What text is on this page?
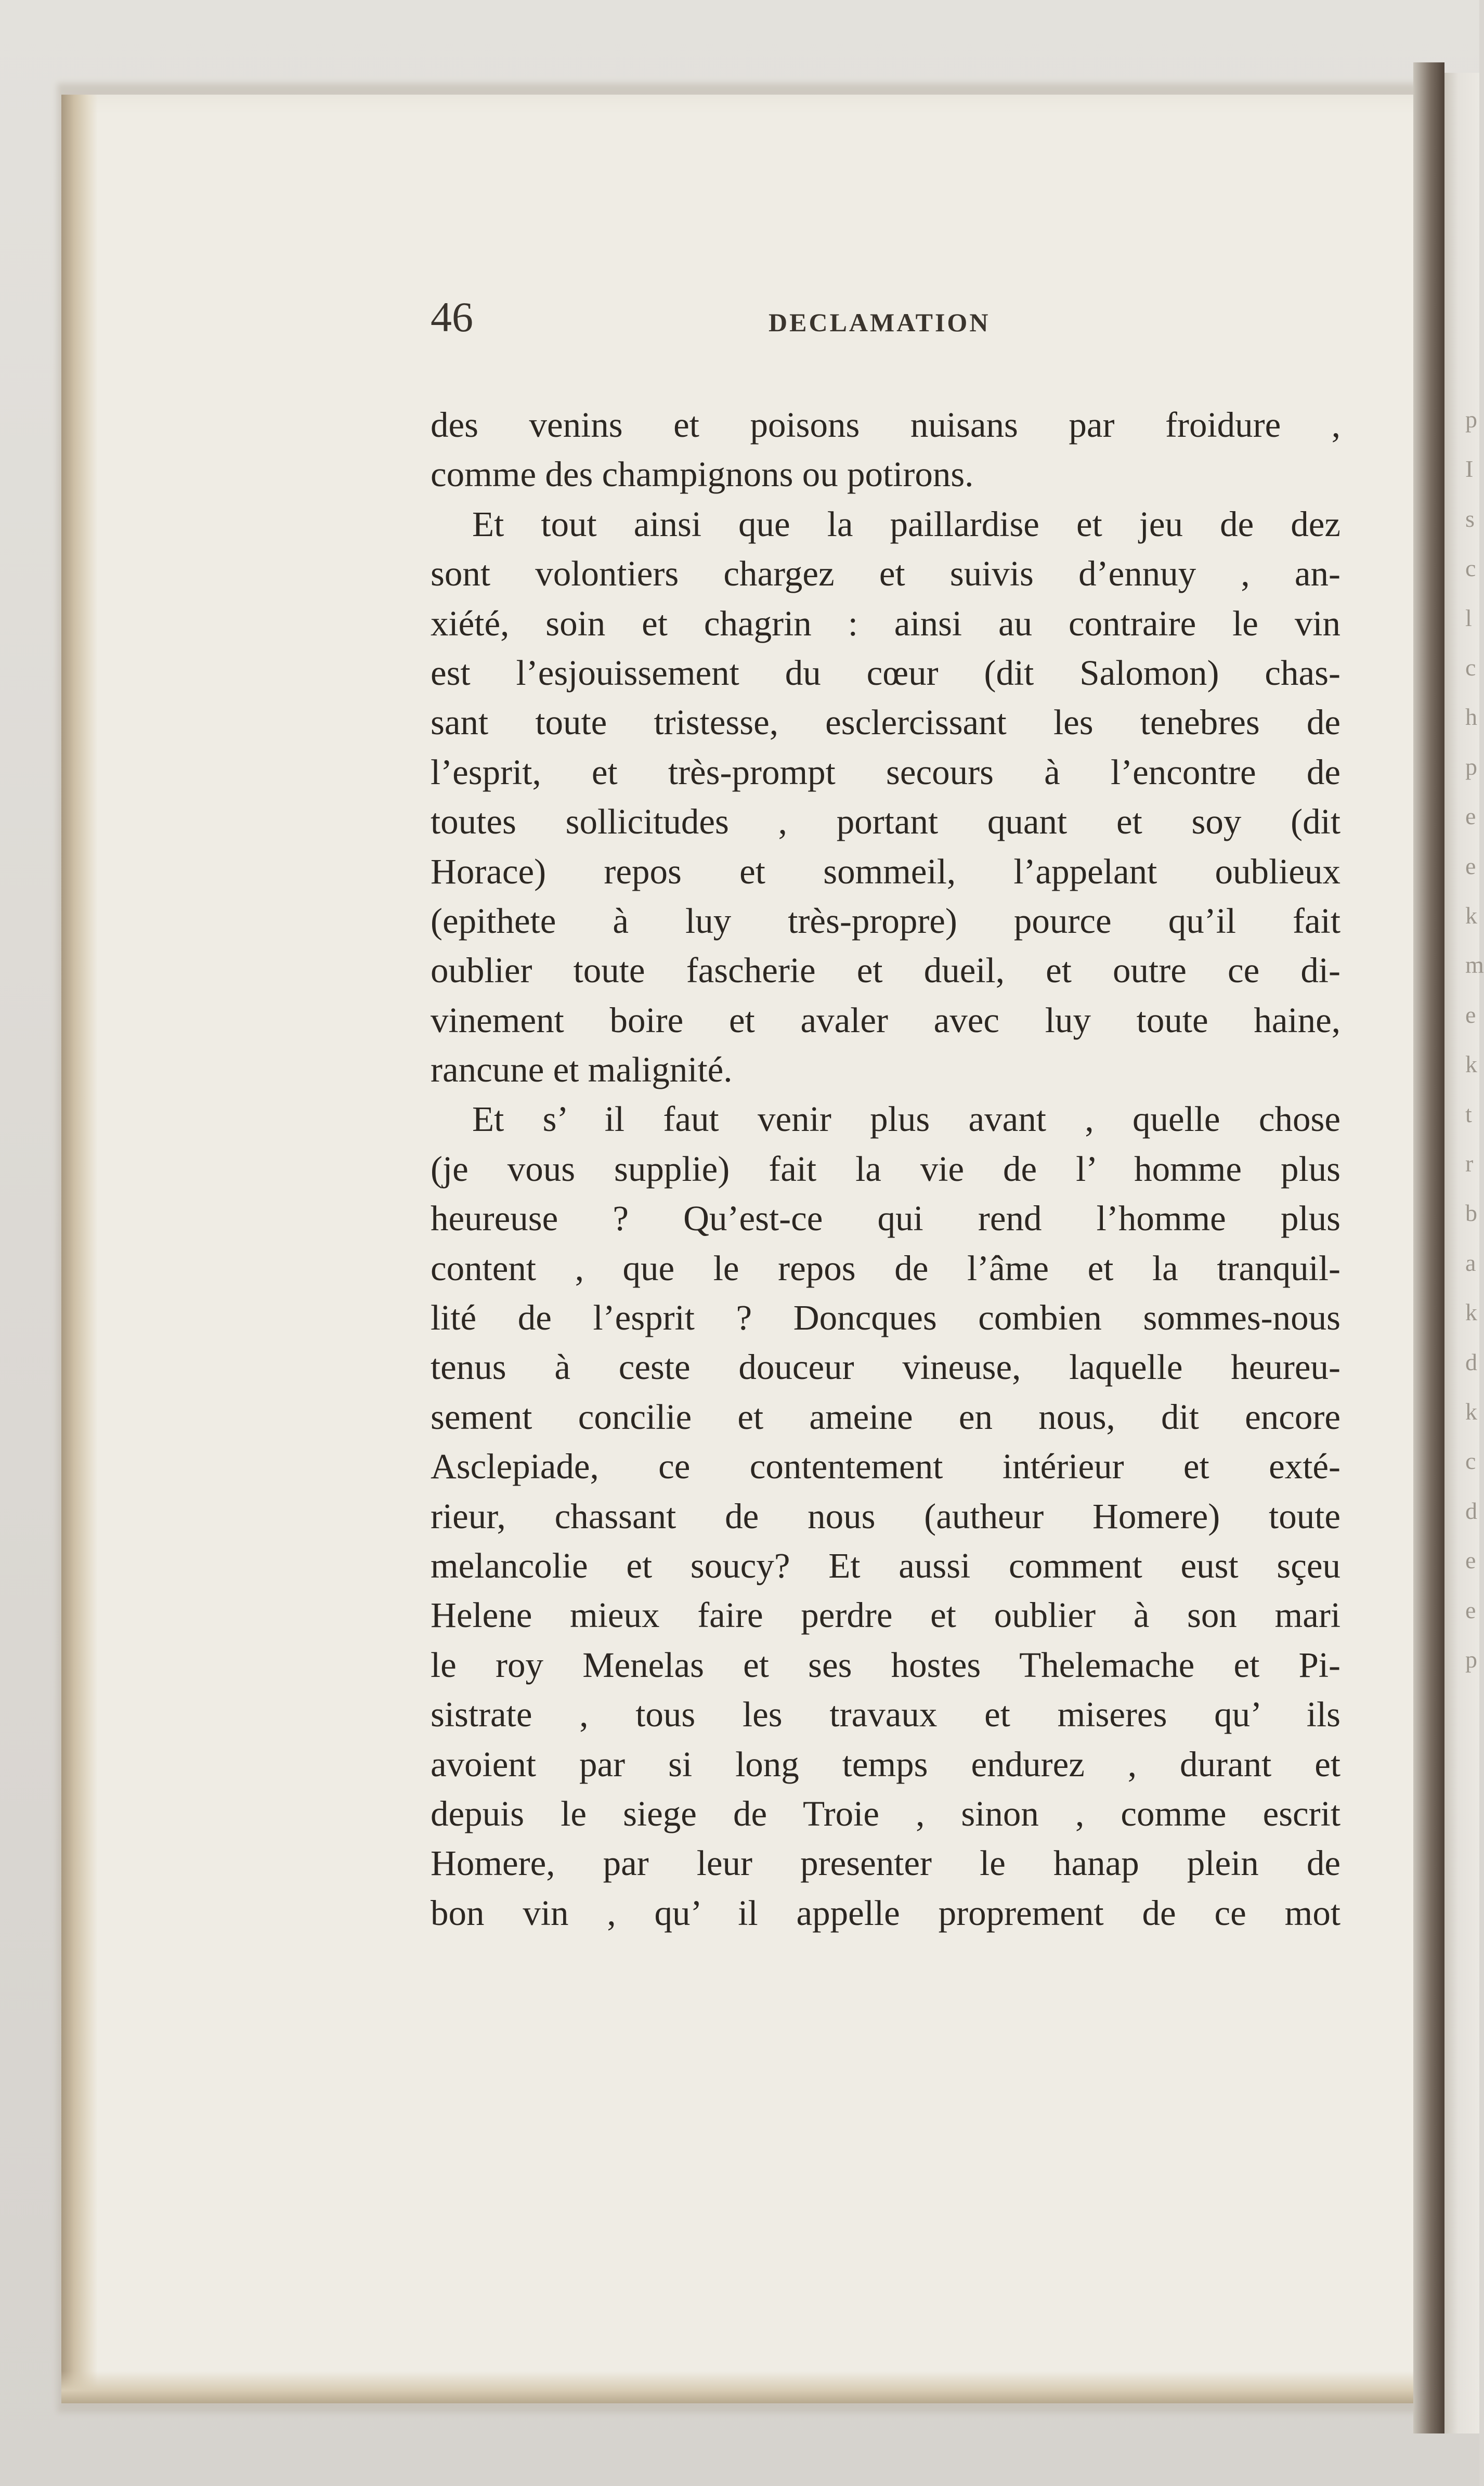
p
I
s
c
l
c
h
p
e
e
k
m
e
k
t
r
b
a
k
d
k
c
d
e
e
p
46	DECLAMATION
des venins et poisons nuisans par froidure ,
comme des champignons ou potirons.
Et tout ainsi que la paillardise et jeu de dez
sont volontiers chargez et suivis d’ennuy , an-
xiété, soin et chagrin : ainsi au contraire le vin
est l’esjouissement du cœur (dit Salomon) chas-
sant toute tristesse, esclercissant les tenebres de
l’esprit, et très-prompt secours à l’encontre de
toutes sollicitudes , portant quant et soy (dit
Horace) repos et sommeil, l’appelant oublieux
(epithete à luy très-propre) pource qu’il fait
oublier toute fascherie et dueil, et outre ce di-
vinement boire et avaler avec luy toute haine,
rancune et malignité.
Et s’ il faut venir plus avant , quelle chose
(je vous supplie) fait la vie de l’ homme plus
heureuse ? Qu’est-ce qui rend l’homme plus
content , que le repos de l’âme et la tranquil-
lité de l’esprit ? Doncques combien sommes-nous
tenus à ceste douceur vineuse, laquelle heureu-
sement concilie et ameine en nous, dit encore
Asclepiade, ce contentement intérieur et exté-
rieur, chassant de nous (autheur Homere) toute
melancolie et soucy? Et aussi comment eust sçeu
Helene mieux faire perdre et oublier à son mari
le roy Menelas et ses hostes Thelemache et Pi-
sistrate , tous les travaux et miseres qu’ ils
avoient par si long temps endurez , durant et
depuis le siege de Troie , sinon , comme escrit
Homere, par leur presenter le hanap plein de
bon vin , qu’ il appelle proprement de ce mot
